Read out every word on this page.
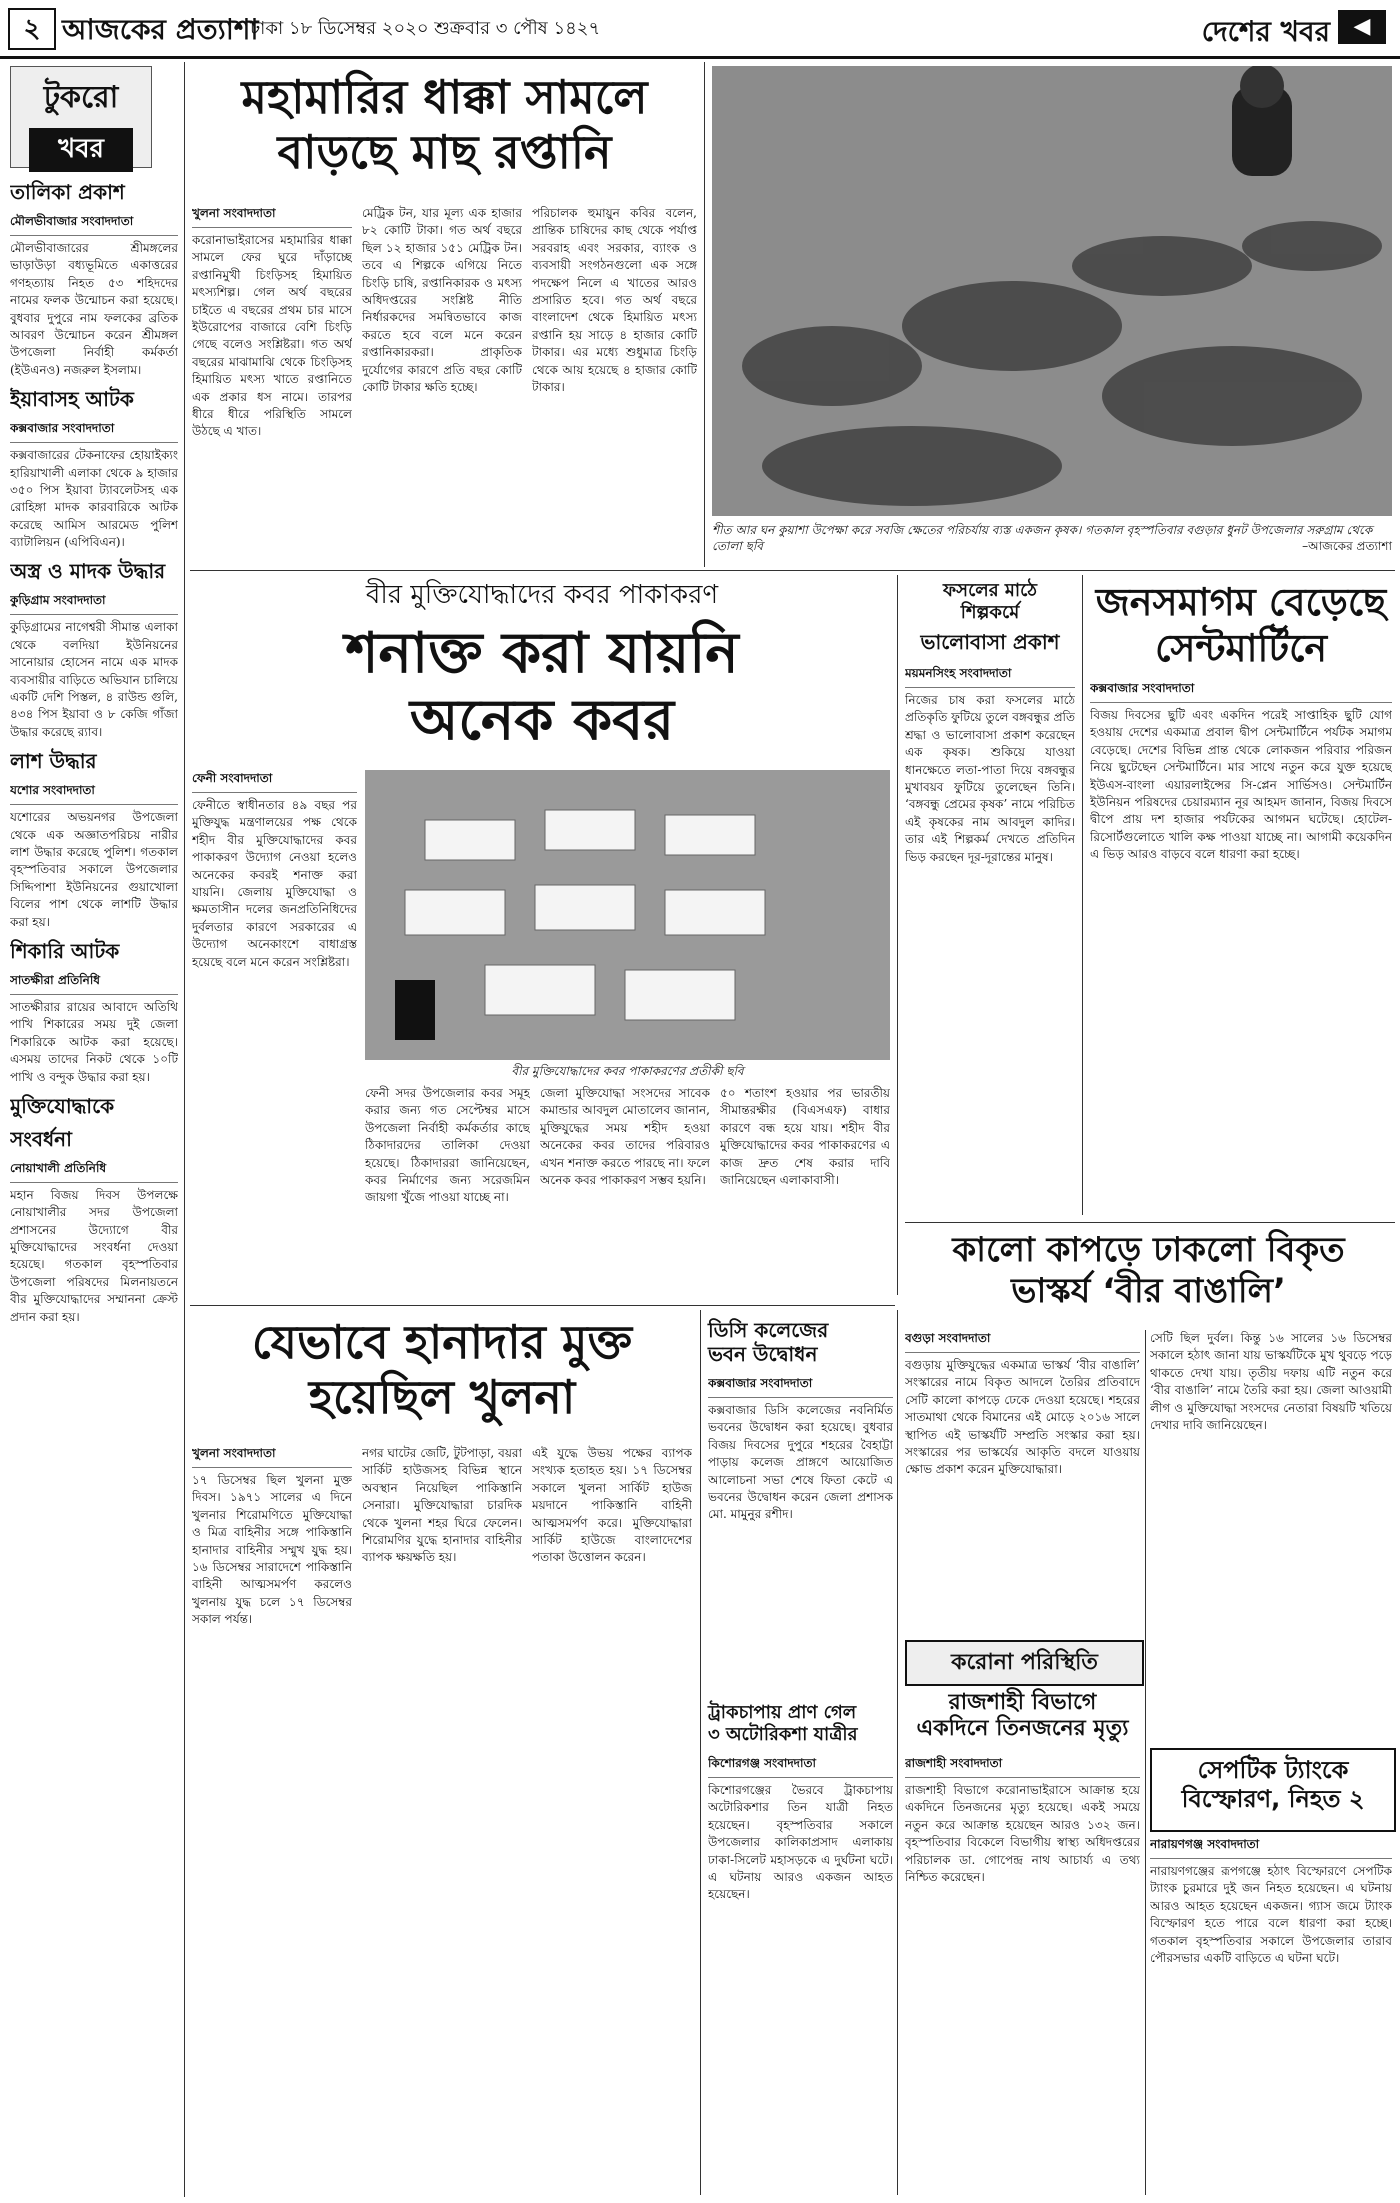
২ আজকের প্রত্যাশা
ঢাকা ১৮ ডিসেম্বর ২০২০ শুক্রবার ৩ পৌষ ১৪২৭	দেশের খবর	◀
টুকরো
খবর
তালিকা প্রকাশ
মৌলভীবাজার সংবাদদাতা

মৌলভীবাজারের শ্রীমঙ্গলের ভাড়াউড়া বধ্যভূমিতে একাত্তরের গণহত্যায় নিহত ৫৩ শহিদদের নামের ফলক উন্মোচন করা হয়েছে। বুধবার দুপুরে নাম ফলকের ব্রতিক আবরণ উন্মোচন করেন শ্রীমঙ্গল উপজেলা নির্বাহী কর্মকর্তা (ইউএনও) নজরুল ইসলাম।

ইয়াবাসহ আটক
কক্সবাজার সংবাদদাতা

কক্সবাজারের টেকনাফের হোয়াইক্যং হারিয়াখালী এলাকা থেকে ৯ হাজার ৩৫০ পিস ইয়াবা ট্যাবলেটসহ এক রোহিঙ্গা মাদক কারবারিকে আটক করেছে আমিস আরমেড পুলিশ ব্যাটালিয়ন (এপিবিএন)।

অস্ত্র ও মাদক উদ্ধার
কুড়িগ্রাম সংবাদদাতা

কুড়িগ্রামের নাগেশ্বরী সীমান্ত এলাকা থেকে বলদিয়া ইউনিয়নের সানোয়ার হোসেন নামে এক মাদক ব্যবসায়ীর বাড়িতে অভিযান চালিয়ে একটি দেশি পিস্তল, ৪ রাউন্ড গুলি, ৪৩৪ পিস ইয়াবা ও ৮ কেজি গাঁজা উদ্ধার করেছে র‌্যাব।

লাশ উদ্ধার
যশোর সংবাদদাতা

যশোরের অভয়নগর উপজেলা থেকে এক অজ্ঞাতপরিচয় নারীর লাশ উদ্ধার করেছে পুলিশ। গতকাল বৃহস্পতিবার সকালে উপজেলার সিদ্দিপাশা ইউনিয়নের গুয়াখোলা বিলের পাশ থেকে লাশটি উদ্ধার করা হয়।

শিকারি আটক
সাতক্ষীরা প্রতিনিধি

সাতক্ষীরার রায়ের আবাদে অতিথি পাখি শিকারের সময় দুই জেলা শিকারিকে আটক করা হয়েছে। এসময় তাদের নিকট থেকে ১০টি পাখি ও বন্দুক উদ্ধার করা হয়।

মুক্তিযোদ্ধাকে সংবর্ধনা
নোয়াখালী প্রতিনিধি

মহান বিজয় দিবস উপলক্ষে নোয়াখালীর সদর উপজেলা প্রশাসনের উদ্যোগে বীর মুক্তিযোদ্ধাদের সংবর্ধনা দেওয়া হয়েছে। গতকাল বৃহস্পতিবার উপজেলা পরিষদের মিলনায়তনে বীর মুক্তিযোদ্ধাদের সম্মাননা ক্রেস্ট প্রদান করা হয়।

মহামারির ধাক্কা সামলে
বাড়ছে মাছ রপ্তানি
খুলনা সংবাদদাতা

করোনাভাইরাসের মহামারির ধাক্কা সামলে ফের ঘুরে দাঁড়াচ্ছে রপ্তানিমুখী চিংড়িসহ হিমায়িত মৎস্যশিল্প। গেল অর্থ বছরের চাইতে এ বছরের প্রথম চার মাসে ইউরোপের বাজারে বেশি চিংড়ি গেছে বলেও সংশ্লিষ্টরা। গত অর্থ বছরের মাঝামাঝি থেকে চিংড়িসহ হিমায়িত মৎস্য খাতে রপ্তানিতে এক প্রকার ধস নামে। তারপর ধীরে ধীরে পরিস্থিতি সামলে উঠছে এ খাত।

মেট্রিক টন, যার মূল্য এক হাজার ৮২ কোটি টাকা। গত অর্থ বছরে ছিল ১২ হাজার ১৫১ মেট্রিক টন। তবে এ শিল্পকে এগিয়ে নিতে চিংড়ি চাষি, রপ্তানিকারক ও মৎস্য অধিদপ্তরের সংশ্লিষ্ট নীতি নির্ধারকদের সমন্বিতভাবে কাজ করতে হবে বলে মনে করেন রপ্তানিকারকরা। প্রাকৃতিক দুর্যোগের কারণে প্রতি বছর কোটি কোটি টাকার ক্ষতি হচ্ছে।

পরিচালক হুমায়ুন কবির বলেন, প্রান্তিক চাষিদের কাছ থেকে পর্যাপ্ত সরবরাহ এবং সরকার, ব্যাংক ও ব্যবসায়ী সংগঠনগুলো এক সঙ্গে পদক্ষেপ নিলে এ খাতের আরও প্রসারিত হবে। গত অর্থ বছরে বাংলাদেশ থেকে হিমায়িত মৎস্য রপ্তানি হয় সাড়ে ৪ হাজার কোটি টাকার। এর মধ্যে শুধুমাত্র চিংড়ি থেকে আয় হয়েছে ৪ হাজার কোটি টাকার।

শীত আর ঘন কুয়াশা উপেক্ষা করে সবজি ক্ষেতের পরিচর্যায় ব্যস্ত একজন কৃষক। গতকাল বৃহস্পতিবার বগুড়ার ধুনট উপজেলার সরুগ্রাম থেকে তোলা ছবি	–আজকের প্রত্যাশা
বীর মুক্তিযোদ্ধাদের কবর পাকাকরণ
শনাক্ত করা যায়নি
অনেক কবর
ফেনী সংবাদদাতা

ফেনীতে স্বাধীনতার ৪৯ বছর পর মুক্তিযুদ্ধ মন্ত্রণালয়ের পক্ষ থেকে শহীদ বীর মুক্তিযোদ্ধাদের কবর পাকাকরণ উদ্যোগ নেওয়া হলেও অনেকের কবরই শনাক্ত করা যায়নি। জেলায় মুক্তিযোদ্ধা ও ক্ষমতাসীন দলের জনপ্রতিনিধিদের দুর্বলতার কারণে সরকারের এ উদ্যোগ অনেকাংশে বাধাগ্রস্ত হয়েছে বলে মনে করেন সংশ্লিষ্টরা।

বীর মুক্তিযোদ্ধাদের কবর পাকাকরণের প্রতীকী ছবি

ফেনী সদর উপজেলার কবর সমূহ করার জন্য গত সেপ্টেম্বর মাসে উপজেলা নির্বাহী কর্মকর্তার কাছে ঠিকাদারদের তালিকা দেওয়া হয়েছে। ঠিকাদাররা জানিয়েছেন, কবর নির্মাণের জন্য সরেজমিন জায়গা খুঁজে পাওয়া যাচ্ছে না।

জেলা মুক্তিযোদ্ধা সংসদের সাবেক কমান্ডার আবদুল মোতালেব জানান, মুক্তিযুদ্ধের সময় শহীদ হওয়া অনেকের কবর তাদের পরিবারও এখন শনাক্ত করতে পারছে না। ফলে অনেক কবর পাকাকরণ সম্ভব হয়নি।

৫০ শতাংশ হওয়ার পর ভারতীয় সীমান্তরক্ষীর (বিএসএফ) বাধার কারণে বন্ধ হয়ে যায়। শহীদ বীর মুক্তিযোদ্ধাদের কবর পাকাকরণের এ কাজ দ্রুত শেষ করার দাবি জানিয়েছেন এলাকাবাসী।

ফসলের মাঠে
শিল্পকর্মে
ভালোবাসা প্রকাশ
ময়মনসিংহ সংবাদদাতা

নিজের চাষ করা ফসলের মাঠে প্রতিকৃতি ফুটিয়ে তুলে বঙ্গবন্ধুর প্রতি শ্রদ্ধা ও ভালোবাসা প্রকাশ করেছেন এক কৃষক। শুকিয়ে যাওয়া ধানক্ষেতে লতা-পাতা দিয়ে বঙ্গবন্ধুর মুখাবয়ব ফুটিয়ে তুলেছেন তিনি। ‘বঙ্গবন্ধু প্রেমের কৃষক’ নামে পরিচিত এই কৃষকের নাম আবদুল কাদির। তার এই শিল্পকর্ম দেখতে প্রতিদিন ভিড় করছেন দূর-দূরান্তের মানুষ।

জনসমাগম বেড়েছে
সেন্টমার্টিনে
কক্সবাজার সংবাদদাতা

বিজয় দিবসের ছুটি এবং একদিন পরেই সাপ্তাহিক ছুটি যোগ হওয়ায় দেশের একমাত্র প্রবাল দ্বীপ সেন্টমার্টিনে পর্যটক সমাগম বেড়েছে। দেশের বিভিন্ন প্রান্ত থেকে লোকজন পরিবার পরিজন নিয়ে ছুটেছেন সেন্টমার্টিনে। মার সাথে নতুন করে যুক্ত হয়েছে ইউএস-বাংলা এয়ারলাইন্সের সি-প্লেন সার্ভিসও। সেন্টমার্টিন ইউনিয়ন পরিষদের চেয়ারম্যান নূর আহমদ জানান, বিজয় দিবসে দ্বীপে প্রায় দশ হাজার পর্যটকের আগমন ঘটেছে। হোটেল-রিসোর্টগুলোতে খালি কক্ষ পাওয়া যাচ্ছে না। আগামী কয়েকদিন এ ভিড় আরও বাড়বে বলে ধারণা করা হচ্ছে।

কালো কাপড়ে ঢাকলো বিকৃত
ভাস্কর্য ‘বীর বাঙালি’
যেভাবে হানাদার মুক্ত
হয়েছিল খুলনা
খুলনা সংবাদদাতা

১৭ ডিসেম্বর ছিল খুলনা মুক্ত দিবস। ১৯৭১ সালের এ দিনে খুলনার শিরোমণিতে মুক্তিযোদ্ধা ও মিত্র বাহিনীর সঙ্গে পাকিস্তানি হানাদার বাহিনীর সম্মুখ যুদ্ধ হয়। ১৬ ডিসেম্বর সারাদেশে পাকিস্তানি বাহিনী আত্মসমর্পণ করলেও খুলনায় যুদ্ধ চলে ১৭ ডিসেম্বর সকাল পর্যন্ত।

নগর ঘাটের জেটি, টুটপাড়া, বয়রা সার্কিট হাউজসহ বিভিন্ন স্থানে অবস্থান নিয়েছিল পাকিস্তানি সেনারা। মুক্তিযোদ্ধারা চারদিক থেকে খুলনা শহর ঘিরে ফেলেন। শিরোমণির যুদ্ধে হানাদার বাহিনীর ব্যাপক ক্ষয়ক্ষতি হয়।

এই যুদ্ধে উভয় পক্ষের ব্যাপক সংখ্যক হতাহত হয়। ১৭ ডিসেম্বর সকালে খুলনা সার্কিট হাউজ ময়দানে পাকিস্তানি বাহিনী আত্মসমর্পণ করে। মুক্তিযোদ্ধারা সার্কিট হাউজে বাংলাদেশের পতাকা উত্তোলন করেন।

ডিসি কলেজের
ভবন উদ্বোধন
কক্সবাজার সংবাদদাতা

কক্সবাজার ডিসি কলেজের নবনির্মিত ভবনের উদ্বোধন করা হয়েছে। বুধবার বিজয় দিবসের দুপুরে শহরের বৈহাট্টা পাড়ায় কলেজ প্রাঙ্গণে আয়োজিত আলোচনা সভা শেষে ফিতা কেটে এ ভবনের উদ্বোধন করেন জেলা প্রশাসক মো. মামুনুর রশীদ।

ট্রাকচাপায় প্রাণ গেল
৩ অটোরিকশা যাত্রীর
কিশোরগঞ্জ সংবাদদাতা

কিশোরগঞ্জের ভৈরবে ট্রাকচাপায় অটোরিকশার তিন যাত্রী নিহত হয়েছেন। বৃহস্পতিবার সকালে উপজেলার কালিকাপ্রসাদ এলাকায় ঢাকা-সিলেট মহাসড়কে এ দুর্ঘটনা ঘটে। এ ঘটনায় আরও একজন আহত হয়েছেন।

বগুড়া সংবাদদাতা

বগুড়ায় মুক্তিযুদ্ধের একমাত্র ভাস্কর্য ‘বীর বাঙালি’ সংস্কারের নামে বিকৃত আদলে তৈরির প্রতিবাদে সেটি কালো কাপড়ে ঢেকে দেওয়া হয়েছে। শহরের সাতমাথা থেকে বিমানের এই মোড়ে ২০১৬ সালে স্থাপিত এই ভাস্কর্যটি সম্প্রতি সংস্কার করা হয়। সংস্কারের পর ভাস্কর্যের আকৃতি বদলে যাওয়ায় ক্ষোভ প্রকাশ করেন মুক্তিযোদ্ধারা।

সেটি ছিল দুর্বল। কিন্তু ১৬ সালের ১৬ ডিসেম্বর সকালে হঠাৎ জানা যায় ভাস্কর্যটিকে মুখ থুবড়ে পড়ে থাকতে দেখা যায়। তৃতীয় দফায় এটি নতুন করে ‘বীর বাঙালি’ নামে তৈরি করা হয়। জেলা আওয়ামী লীগ ও মুক্তিযোদ্ধা সংসদের নেতারা বিষয়টি খতিয়ে দেখার দাবি জানিয়েছেন।

করোনা পরিস্থিতি
রাজশাহী বিভাগে
একদিনে তিনজনের মৃত্যু
রাজশাহী সংবাদদাতা

রাজশাহী বিভাগে করোনাভাইরাসে আক্রান্ত হয়ে একদিনে তিনজনের মৃত্যু হয়েছে। একই সময়ে নতুন করে আক্রান্ত হয়েছেন আরও ১৩২ জন। বৃহস্পতিবার বিকেলে বিভাগীয় স্বাস্থ্য অধিদপ্তরের পরিচালক ডা. গোপেন্দ্র নাথ আচার্য্য এ তথ্য নিশ্চিত করেছেন।

সেপটিক ট্যাংকে
বিস্ফোরণ, নিহত ২
নারায়ণগঞ্জ সংবাদদাতা

নারায়ণগঞ্জের রূপগঞ্জে হঠাৎ বিস্ফোরণে সেপটিক ট্যাংক চুরমারে দুই জন নিহত হয়েছেন। এ ঘটনায় আরও আহত হয়েছেন একজন। গ্যাস জমে ট্যাংক বিস্ফোরণ হতে পারে বলে ধারণা করা হচ্ছে। গতকাল বৃহস্পতিবার সকালে উপজেলার তারাব পৌরসভার একটি বাড়িতে এ ঘটনা ঘটে।
